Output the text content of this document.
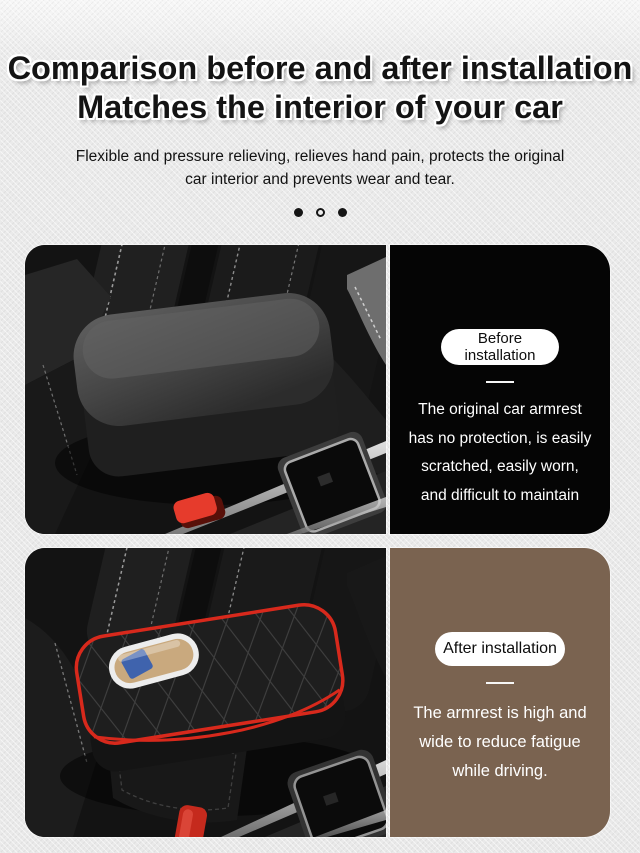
Comparison before and after installation
Matches the interior of your car
Flexible and pressure relieving, relieves hand pain, protects the original
car interior and prevents wear and tear.
Before
installation

The original car armrest
has no protection, is easily
scratched, easily worn,
and difficult to maintain

After installation

The armrest is high and
wide to reduce fatigue
while driving.
